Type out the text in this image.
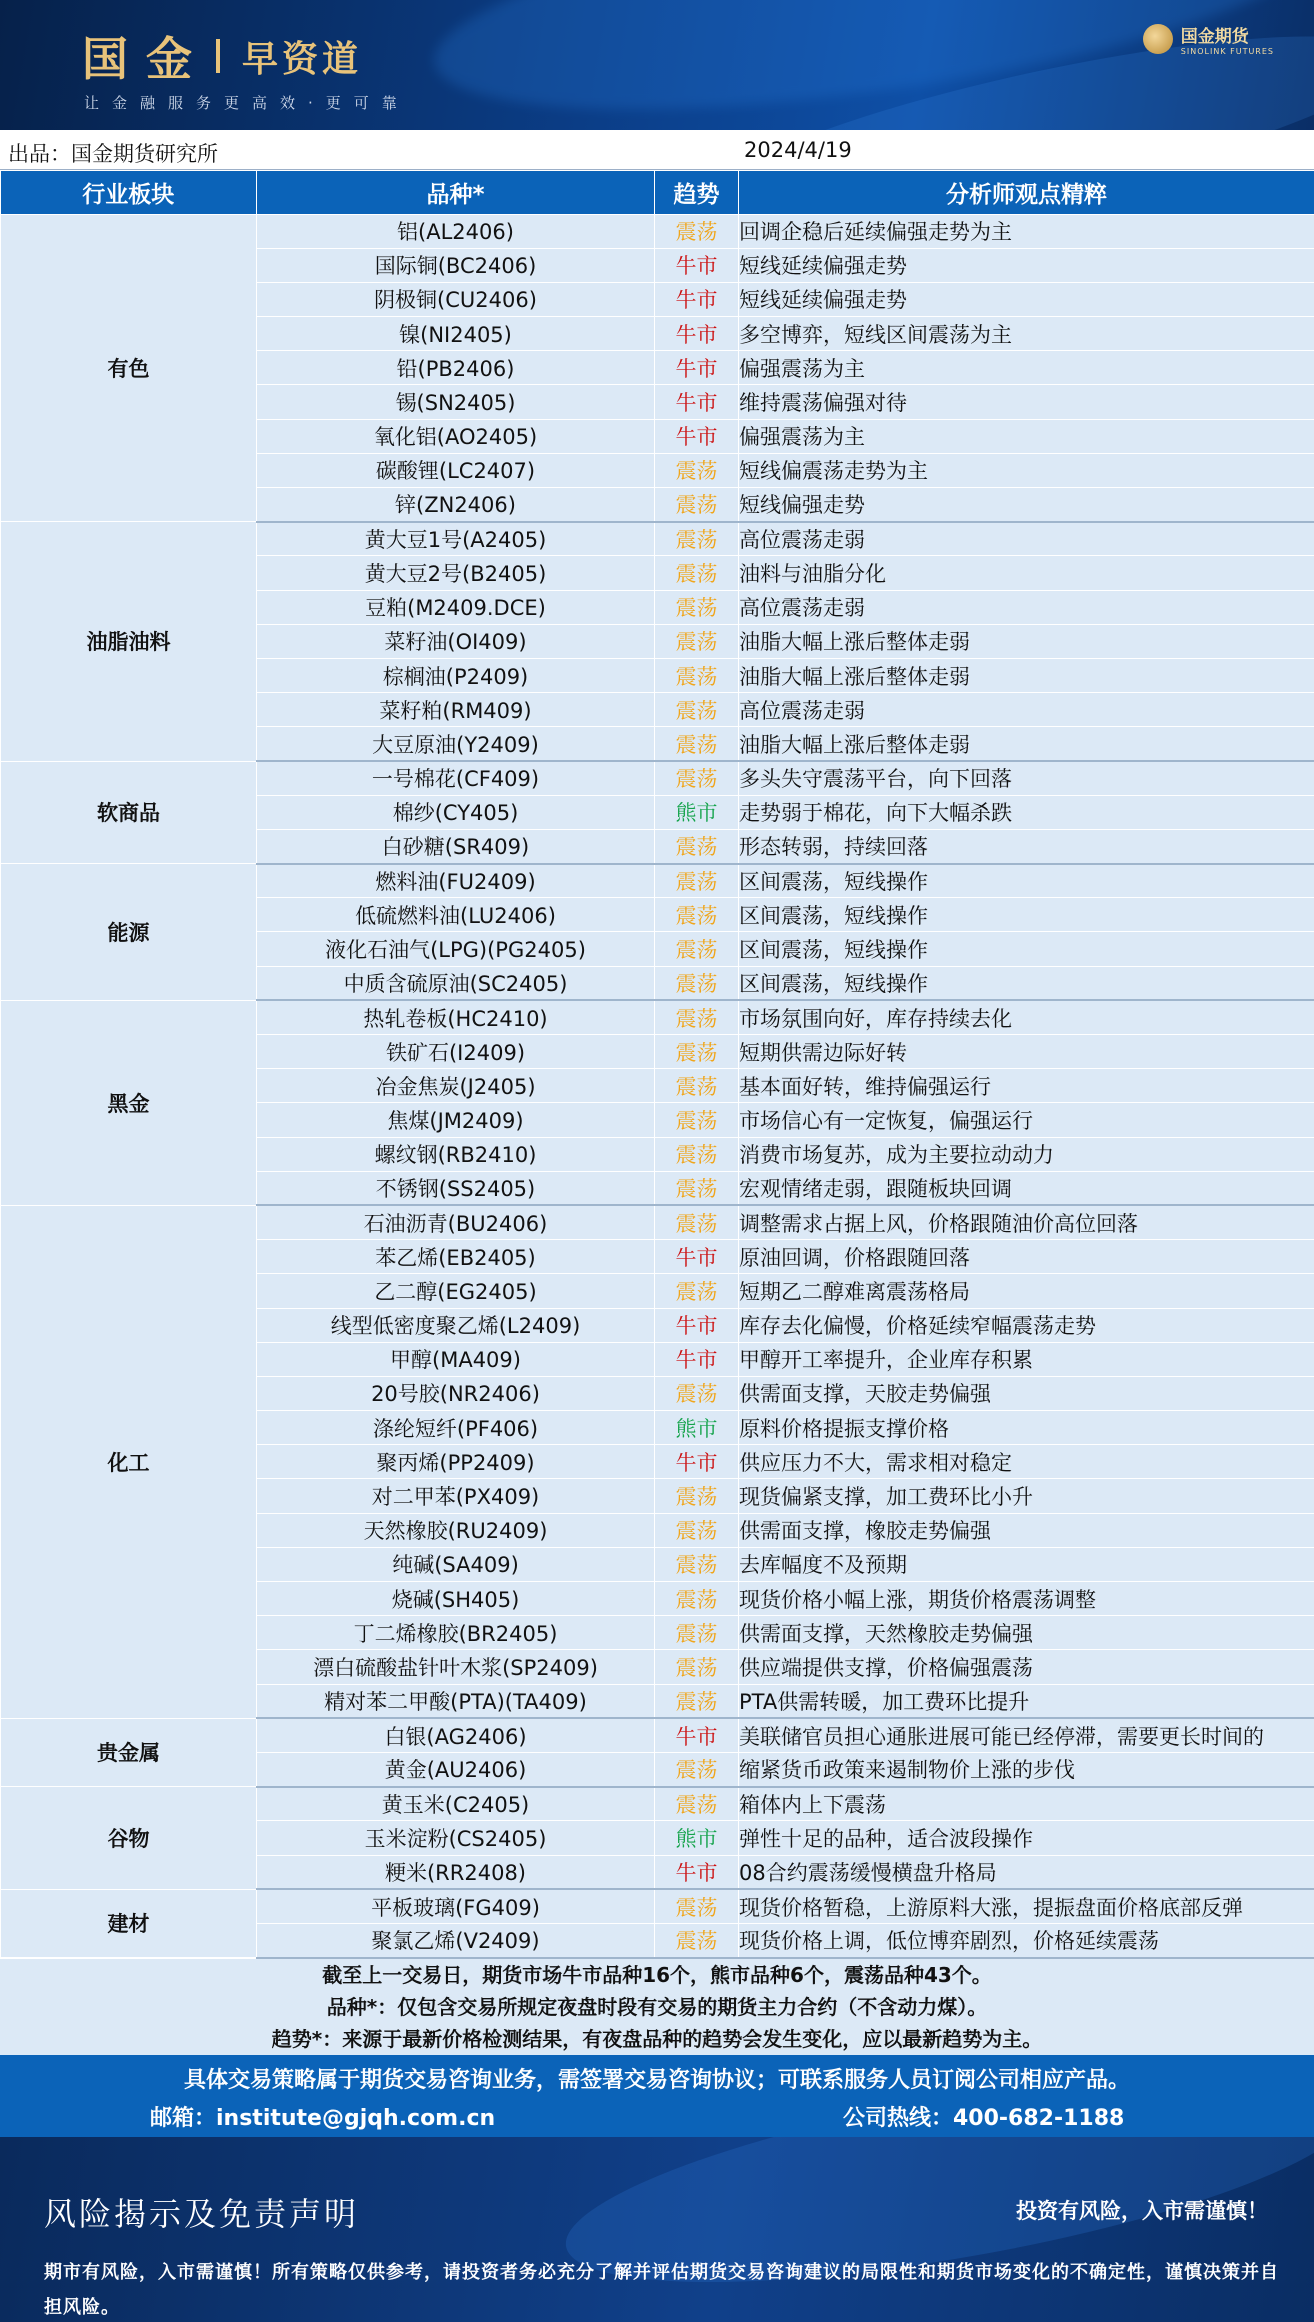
国金 早资道
让金融服务更高效·更可靠
国金期货
SINOLINK FUTURES
出品：国金期货研究所	2024/4/19
行业板块	品种*	趋势	分析师观点精粹
有色	铝(AL2406)	震荡	回调企稳后延续偏强走势为主
	国际铜(BC2406)	牛市	短线延续偏强走势
	阴极铜(CU2406)	牛市	短线延续偏强走势
	镍(NI2405)	牛市	多空博弈，短线区间震荡为主
	铅(PB2406)	牛市	偏强震荡为主
	锡(SN2405)	牛市	维持震荡偏强对待
	氧化铝(AO2405)	牛市	偏强震荡为主
	碳酸锂(LC2407)	震荡	短线偏震荡走势为主
	锌(ZN2406)	震荡	短线偏强走势
油脂油料	黄大豆1号(A2405)	震荡	高位震荡走弱
	黄大豆2号(B2405)	震荡	油料与油脂分化
	豆粕(M2409.DCE)	震荡	高位震荡走弱
	菜籽油(OI409)	震荡	油脂大幅上涨后整体走弱
	棕榈油(P2409)	震荡	油脂大幅上涨后整体走弱
	菜籽粕(RM409)	震荡	高位震荡走弱
	大豆原油(Y2409)	震荡	油脂大幅上涨后整体走弱
软商品	一号棉花(CF409)	震荡	多头失守震荡平台，向下回落
	棉纱(CY405)	熊市	走势弱于棉花，向下大幅杀跌
	白砂糖(SR409)	震荡	形态转弱，持续回落
能源	燃料油(FU2409)	震荡	区间震荡，短线操作
	低硫燃料油(LU2406)	震荡	区间震荡，短线操作
	液化石油气(LPG)(PG2405)	震荡	区间震荡，短线操作
	中质含硫原油(SC2405)	震荡	区间震荡，短线操作
黑金	热轧卷板(HC2410)	震荡	市场氛围向好，库存持续去化
	铁矿石(I2409)	震荡	短期供需边际好转
	冶金焦炭(J2405)	震荡	基本面好转，维持偏强运行
	焦煤(JM2409)	震荡	市场信心有一定恢复，偏强运行
	螺纹钢(RB2410)	震荡	消费市场复苏，成为主要拉动动力
	不锈钢(SS2405)	震荡	宏观情绪走弱，跟随板块回调
化工	石油沥青(BU2406)	震荡	调整需求占据上风，价格跟随油价高位回落
	苯乙烯(EB2405)	牛市	原油回调，价格跟随回落
	乙二醇(EG2405)	震荡	短期乙二醇难离震荡格局
	线型低密度聚乙烯(L2409)	牛市	库存去化偏慢，价格延续窄幅震荡走势
	甲醇(MA409)	牛市	甲醇开工率提升，企业库存积累
	20号胶(NR2406)	震荡	供需面支撑，天胶走势偏强
	涤纶短纤(PF406)	熊市	原料价格提振支撑价格
	聚丙烯(PP2409)	牛市	供应压力不大，需求相对稳定
	对二甲苯(PX409)	震荡	现货偏紧支撑，加工费环比小升
	天然橡胶(RU2409)	震荡	供需面支撑，橡胶走势偏强
	纯碱(SA409)	震荡	去库幅度不及预期
	烧碱(SH405)	震荡	现货价格小幅上涨，期货价格震荡调整
	丁二烯橡胶(BR2405)	震荡	供需面支撑，天然橡胶走势偏强
	漂白硫酸盐针叶木浆(SP2409)	震荡	供应端提供支撑，价格偏强震荡
	精对苯二甲酸(PTA)(TA409)	震荡	PTA供需转暖，加工费环比提升
贵金属	白银(AG2406)	牛市	美联储官员担心通胀进展可能已经停滞，需要更长时间的
	黄金(AU2406)	震荡	缩紧货币政策来遏制物价上涨的步伐
谷物	黄玉米(C2405)	震荡	箱体内上下震荡
	玉米淀粉(CS2405)	熊市	弹性十足的品种，适合波段操作
	粳米(RR2408)	牛市	08合约震荡缓慢横盘升格局
建材	平板玻璃(FG409)	震荡	现货价格暂稳，上游原料大涨，提振盘面价格底部反弹
	聚氯乙烯(V2409)	震荡	现货价格上调，低位博弈剧烈，价格延续震荡
截至上一交易日，期货市场牛市品种16个，熊市品种6个，震荡品种43个。
品种*：仅包含交易所规定夜盘时段有交易的期货主力合约（不含动力煤）。
趋势*：来源于最新价格检测结果，有夜盘品种的趋势会发生变化，应以最新趋势为主。
具体交易策略属于期货交易咨询业务，需签署交易咨询协议；可联系服务人员订阅公司相应产品。
邮箱：institute@gjqh.com.cn	公司热线：400-682-1188
风险揭示及免责声明	投资有风险，入市需谨慎！
期市有风险，入市需谨慎！所有策略仅供参考，请投资者务必充分了解并评估期货交易咨询建议的局限性和期货市场变化的不确定性，谨慎决策并自担风险。
